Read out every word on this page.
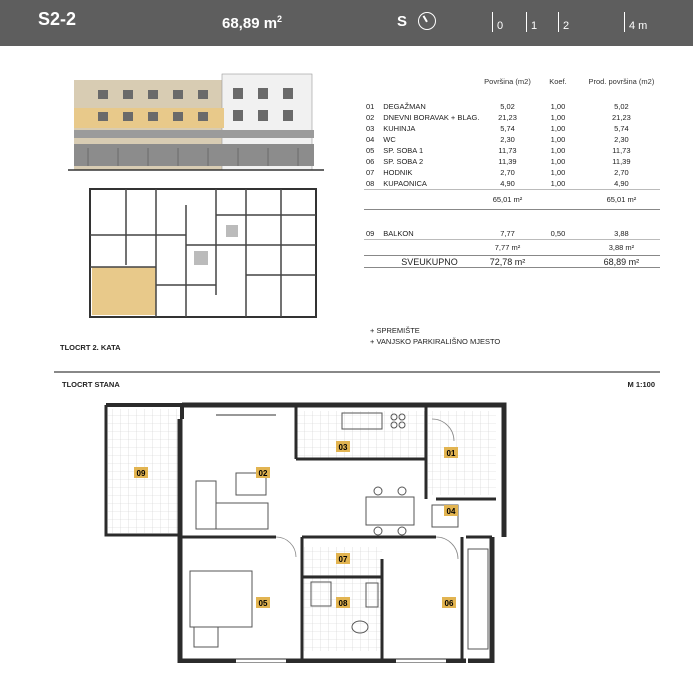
S2-2	68,89 $m^2$	S	0	1	2	4 m
		Površina (m2)	Koef.	Prod. površina (m2)

01	DEGAŽMAN	5,02	1,00	5,02
02	DNEVNI BORAVAK + BLAG.	21,23	1,00	21,23
03	KUHINJA	5,74	1,00	5,74
04	WC	2,30	1,00	2,30
05	SP. SOBA 1	11,73	1,00	11,73
06	SP. SOBA 2	11,39	1,00	11,39
07	HODNIK	2,70	1,00	2,70
08	KUPAONICA	4,90	1,00	4,90
		65,01 m²		65,01 m²

09	BALKON	7,77	0,50	3,88
		7,77 m²		3,88 m²
	SVEUKUPNO	72,78 m²		68,89 m²
+ SPREMIŠTE
+ VANJSKO PARKIRALIŠNO MJESTO
TLOCRT 2. KATA
TLOCRT STANA	M 1:100
09	02
03
01
04
07
05	08	06
